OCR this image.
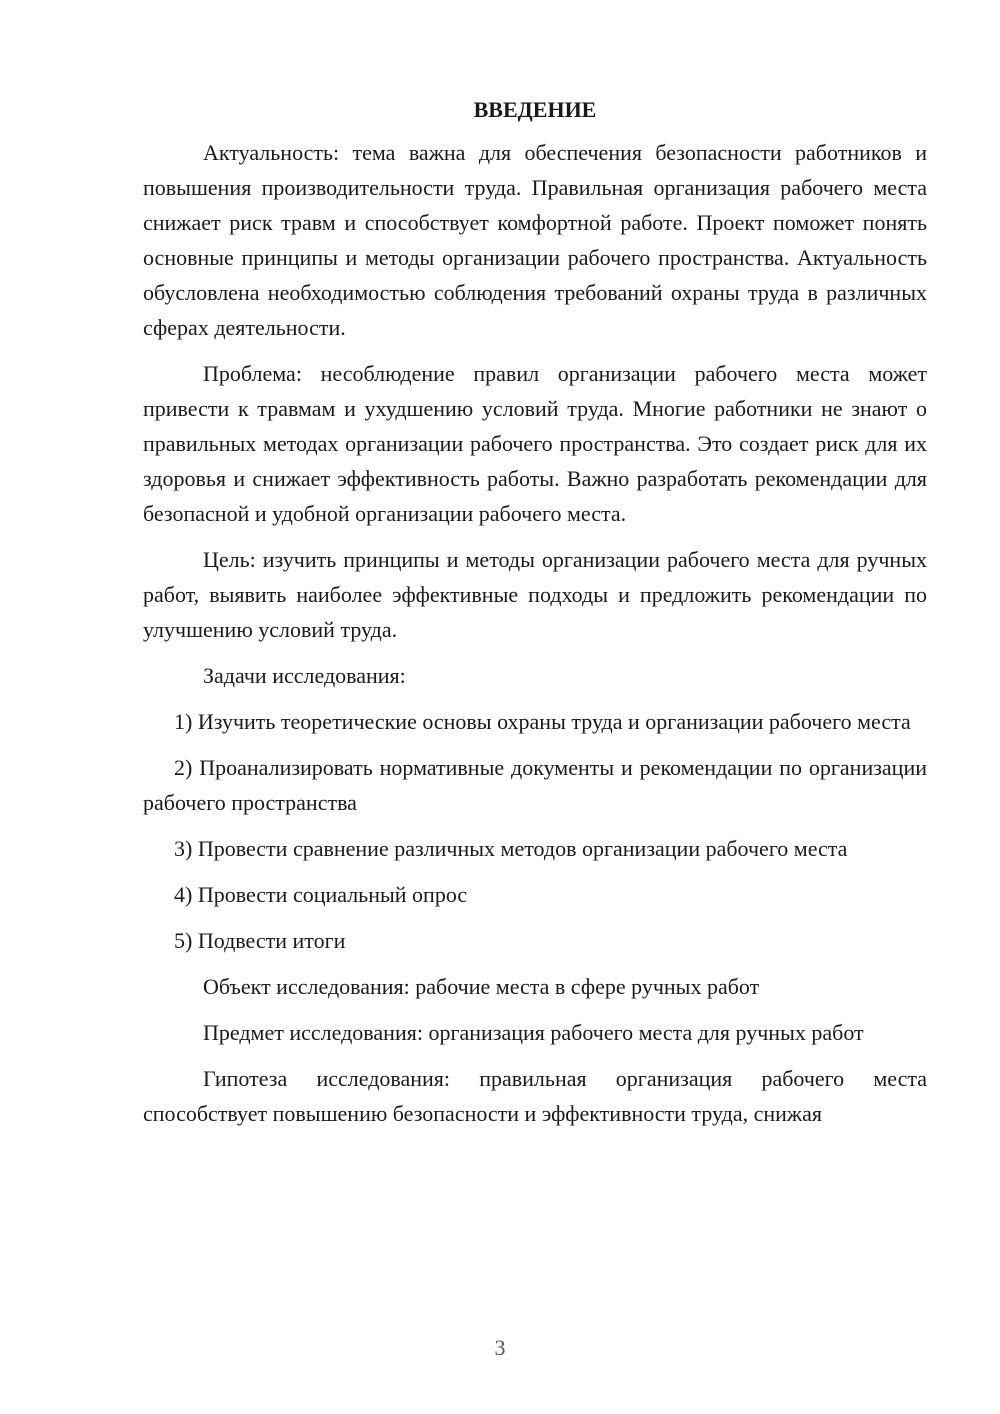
ВВЕДЕНИЕ

Актуальность: тема важна для обеспечения безопасности работников и повышения производительности труда. Правильная организация рабочего места снижает риск травм и способствует комфортной работе. Проект поможет понять основные принципы и методы организации рабочего пространства. Актуальность обусловлена необходимостью соблюдения требований охраны труда в различных сферах деятельности.

Проблема: несоблюдение правил организации рабочего места может привести к травмам и ухудшению условий труда. Многие работники не знают о правильных методах организации рабочего пространства. Это создает риск для их здоровья и снижает эффективность работы. Важно разработать рекомендации для безопасной и удобной организации рабочего места.

Цель: изучить принципы и методы организации рабочего места для ручных работ, выявить наиболее эффективные подходы и предложить рекомендации по улучшению условий труда.

Задачи исследования:

1) Изучить теоретические основы охраны труда и организации рабочего места

2) Проанализировать нормативные документы и рекомендации по организации рабочего пространства

3) Провести сравнение различных методов организации рабочего места

4) Провести социальный опрос

5) Подвести итоги

Объект исследования: рабочие места в сфере ручных работ

Предмет исследования: организация рабочего места для ручных работ

Гипотеза исследования: правильная организация рабочего места способствует повышению безопасности и эффективности труда, снижая

3
